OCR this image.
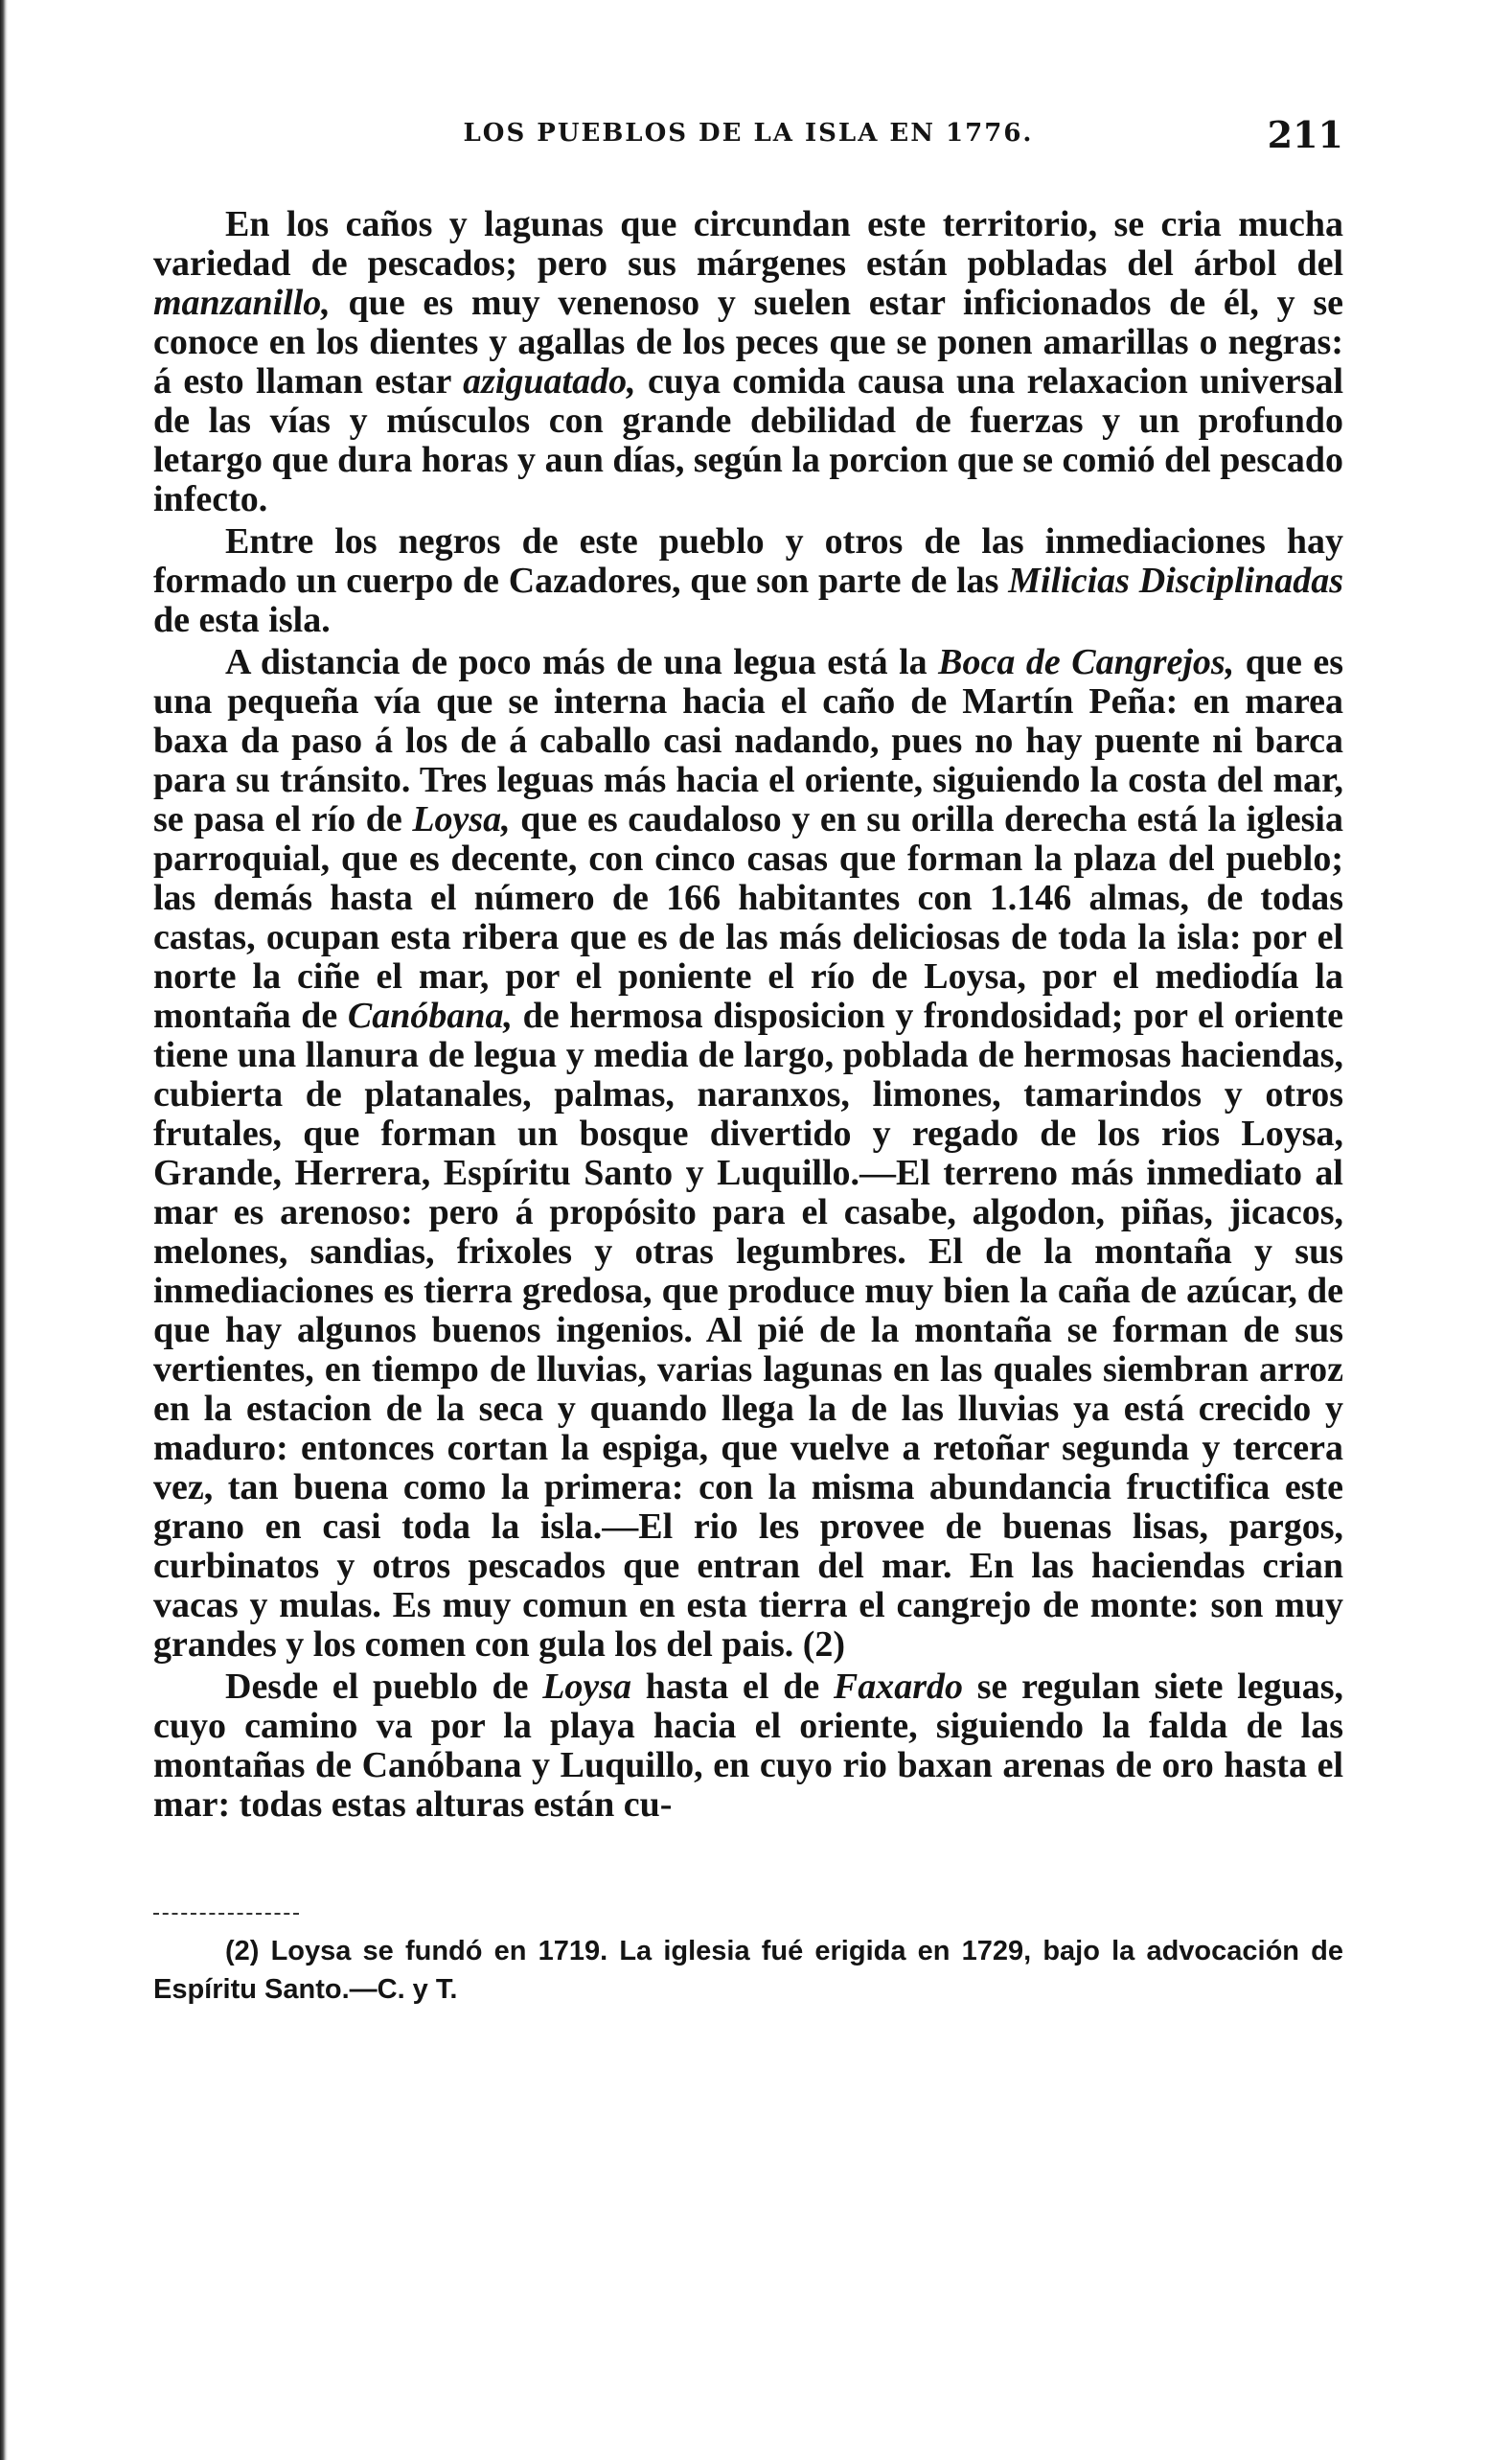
LOS PUEBLOS DE LA ISLA EN 1776.	211

En los caños y lagunas que circundan este territorio, se cria mucha variedad de pescados; pero sus márgenes están pobladas del árbol del manzanillo, que es muy venenoso y suelen estar inficionados de él, y se conoce en los dientes y agallas de los peces que se ponen amarillas o negras: á esto llaman estar aziguatado, cuya comida causa una relaxacion universal de las vías y músculos con grande debilidad de fuerzas y un profundo letargo que dura horas y aun días, según la porcion que se comió del pescado infecto.

Entre los negros de este pueblo y otros de las inmediaciones hay formado un cuerpo de Cazadores, que son parte de las Milicias Disciplinadas de esta isla.

A distancia de poco más de una legua está la Boca de Cangrejos, que es una pequeña vía que se interna hacia el caño de Martín Peña: en marea baxa da paso á los de á caballo casi nadando, pues no hay puente ni barca para su tránsito. Tres leguas más hacia el oriente, siguiendo la costa del mar, se pasa el río de Loysa, que es caudaloso y en su orilla derecha está la iglesia parroquial, que es decente, con cinco casas que forman la plaza del pueblo; las demás hasta el número de 166 habitantes con 1.146 almas, de todas castas, ocupan esta ribera que es de las más deliciosas de toda la isla: por el norte la ciñe el mar, por el poniente el río de Loysa, por el mediodía la montaña de Canóbana, de hermosa disposicion y frondosidad; por el oriente tiene una llanura de legua y media de largo, poblada de hermosas haciendas, cubierta de platanales, palmas, naranxos, limones, tamarindos y otros frutales, que forman un bosque divertido y regado de los rios Loysa, Grande, Herrera, Espíritu Santo y Luquillo.—El terreno más inmediato al mar es arenoso: pero á propósito para el casabe, algodon, piñas, jicacos, melones, sandias, frixoles y otras legumbres. El de la montaña y sus inmediaciones es tierra gredosa, que produce muy bien la caña de azúcar, de que hay algunos buenos ingenios. Al pié de la montaña se forman de sus vertientes, en tiempo de lluvias, varias lagunas en las quales siembran arroz en la estacion de la seca y quando llega la de las lluvias ya está crecido y maduro: entonces cortan la espiga, que vuelve a retoñar segunda y tercera vez, tan buena como la primera: con la misma abundancia fructifica este grano en casi toda la isla.—El rio les provee de buenas lisas, pargos, curbinatos y otros pescados que entran del mar. En las haciendas crian vacas y mulas. Es muy comun en esta tierra el cangrejo de monte: son muy grandes y los comen con gula los del pais. (2)

Desde el pueblo de Loysa hasta el de Faxardo se regulan siete leguas, cuyo camino va por la playa hacia el oriente, siguiendo la falda de las montañas de Canóbana y Luquillo, en cuyo rio baxan arenas de oro hasta el mar: todas estas alturas están cu-

(2) Loysa se fundó en 1719. La iglesia fué erigida en 1729, bajo la advocación de Espíritu Santo.—C. y T.
